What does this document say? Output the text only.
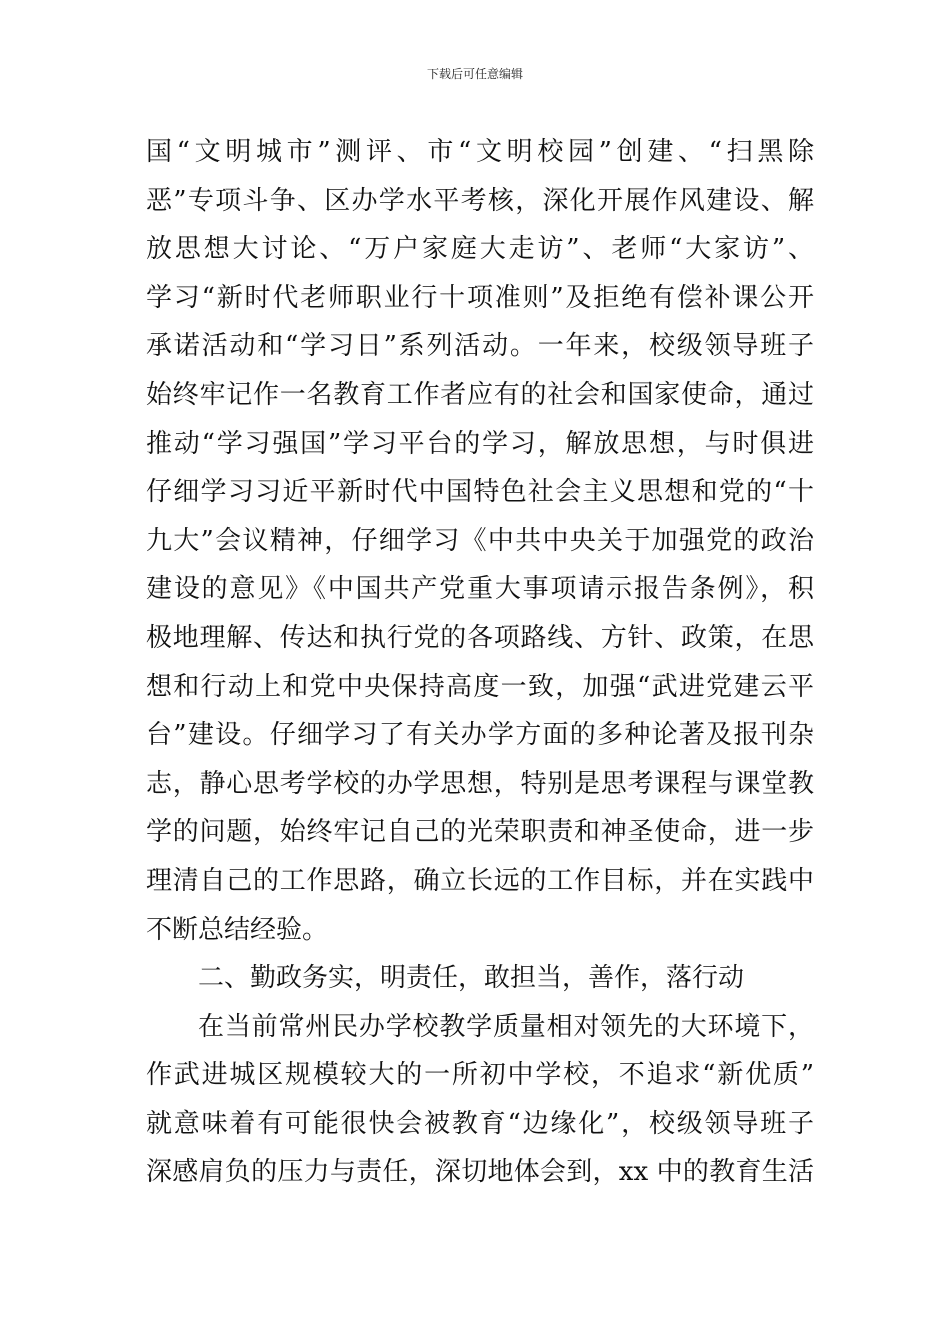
下载后可任意编辑
国“文明城市”测评、市“文明校园”创建、“扫黑除
恶”专项斗争、区办学水平考核，深化开展作风建设、解
放思想大讨论、“万户家庭大走访”、老师“大家访”、
学习“新时代老师职业行十项准则”及拒绝有偿补课公开
承诺活动和“学习日”系列活动。一年来，校级领导班子
始终牢记作一名教育工作者应有的社会和国家使命，通过
推动“学习强国”学习平台的学习，解放思想，与时俱进
仔细学习习近平新时代中国特色社会主义思想和党的“十
九大”会议精神，仔细学习《中共中央关于加强党的政治
建设的意见》《中国共产党重大事项请示报告条例》，积
极地理解、传达和执行党的各项路线、方针、政策，在思
想和行动上和党中央保持高度一致，加强“武进党建云平
台”建设。仔细学习了有关办学方面的多种论著及报刊杂
志，静心思考学校的办学思想，特别是思考课程与课堂教
学的问题，始终牢记自己的光荣职责和神圣使命，进一步
理清自己的工作思路，确立长远的工作目标，并在实践中
不断总结经验。
二、勤政务实，明责任，敢担当，善作，落行动
在当前常州民办学校教学质量相对领先的大环境下，
作武进城区规模较大的一所初中学校，不追求“新优质”
就意味着有可能很快会被教育“边缘化”，校级领导班子
深感肩负的压力与责任，深切地体会到，xx 中的教育生活
